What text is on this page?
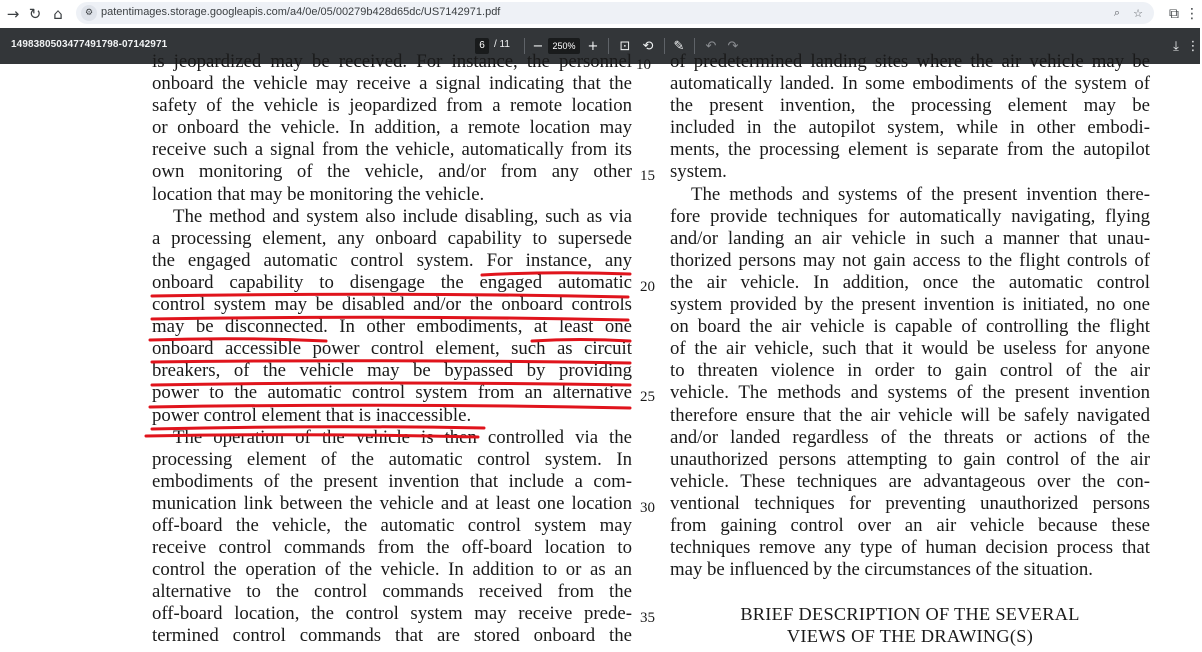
→ ↻ ⌂	⚙ patentimages.storage.googleapis.com/a4/0e/05/00279b428d65dc/US7142971.pdf	⌕	☆	⧉ ⋮
1498380503477491798-07142971	6 / 11 −	250% + ⊡ ⟲ ✎ ↶ ↷	⤓ ⋮
is jeopardized may be received. For instance, the personnel
onboard the vehicle may receive a signal indicating that the
safety of the vehicle is jeopardized from a remote location
or onboard the vehicle. In addition, a remote location may
receive such a signal from the vehicle, automatically from its
own monitoring of the vehicle, and/or from any other
location that may be monitoring the vehicle.
The method and system also include disabling, such as via
a processing element, any onboard capability to supersede
the engaged automatic control system. For instance, any
onboard capability to disengage the engaged automatic
control system may be disabled and/or the onboard controls
may be disconnected. In other embodiments, at least one
onboard accessible power control element, such as circuit
breakers, of the vehicle may be bypassed by providing
power to the automatic control system from an alternative
power control element that is inaccessible.
The operation of the vehicle is then controlled via the
processing element of the automatic control system. In
embodiments of the present invention that include a com-
munication link between the vehicle and at least one location
off-board the vehicle, the automatic control system may
receive control commands from the off-board location to
control the operation of the vehicle. In addition to or as an
alternative to the control commands received from the
off-board location, the control system may receive prede-
termined control commands that are stored onboard the
of predetermined landing sites where the air vehicle may be
automatically landed. In some embodiments of the system of
the present invention, the processing element may be
included in the autopilot system, while in other embodi-
ments, the processing element is separate from the autopilot
system.
The methods and systems of the present invention there-
fore provide techniques for automatically navigating, flying
and/or landing an air vehicle in such a manner that unau-
thorized persons may not gain access to the flight controls of
the air vehicle. In addition, once the automatic control
system provided by the present invention is initiated, no one
on board the air vehicle is capable of controlling the flight
of the air vehicle, such that it would be useless for anyone
to threaten violence in order to gain control of the air
vehicle. The methods and systems of the present invention
therefore ensure that the air vehicle will be safely navigated
and/or landed regardless of the threats or actions of the
unauthorized persons attempting to gain control of the air
vehicle. These techniques are advantageous over the con-
ventional techniques for preventing unauthorized persons
from gaining control over an air vehicle because these
techniques remove any type of human decision process that
may be influenced by the circumstances of the situation.
BRIEF DESCRIPTION OF THE SEVERAL
VIEWS OF THE DRAWING(S)
10
15
20
25
30
35
